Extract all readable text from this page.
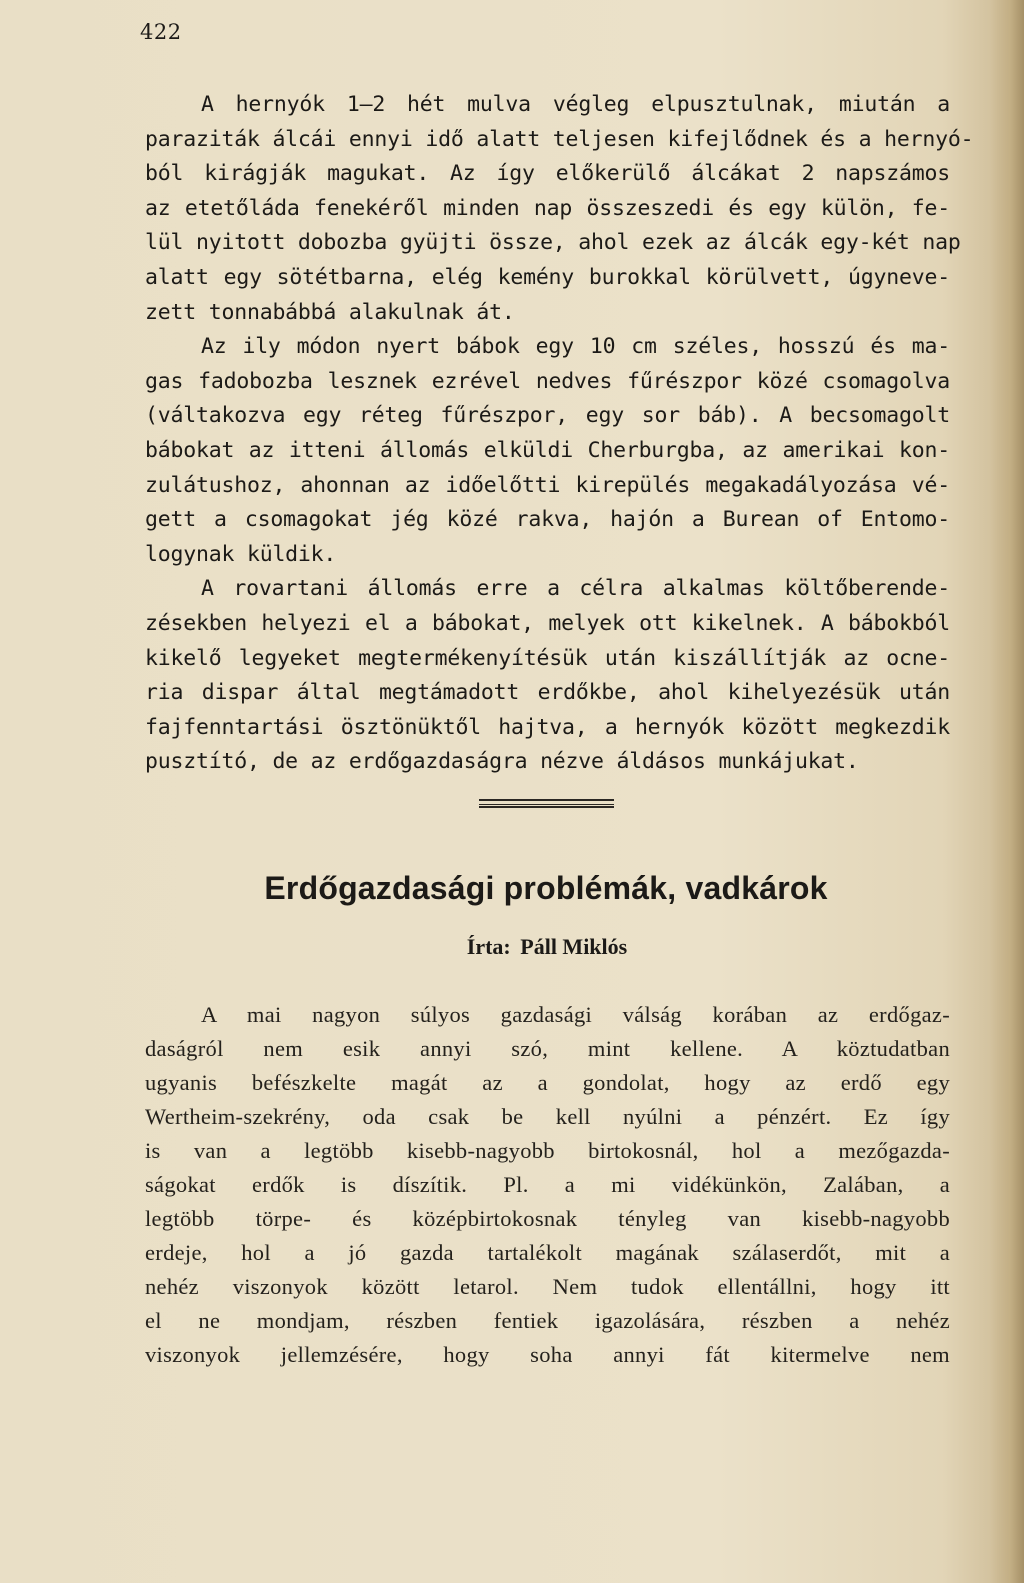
422
A hernyók 1—2 hét mulva végleg elpusztulnak, miután a
paraziták álcái ennyi idő alatt teljesen kifejlődnek és a hernyó-
ból kirágják magukat. Az így előkerülő álcákat 2 napszámos
az etetőláda fenekéről minden nap összeszedi és egy külön, fe-
lül nyitott dobozba gyüjti össze, ahol ezek az álcák egy-két nap
alatt egy sötétbarna, elég kemény burokkal körülvett, úgyneve-
zett tonnabábbá alakulnak át.
Az ily módon nyert bábok egy 10 cm széles, hosszú és ma-
gas fadobozba lesznek ezrével nedves fűrészpor közé csomagolva
(váltakozva egy réteg fűrészpor, egy sor báb). A becsomagolt
bábokat az itteni állomás elküldi Cherburgba, az amerikai kon-
zulátushoz, ahonnan az időelőtti kirepülés megakadályozása vé-
gett a csomagokat jég közé rakva, hajón a Burean of Entomo-
logynak küldik.
A rovartani állomás erre a célra alkalmas költőberende-
zésekben helyezi el a bábokat, melyek ott kikelnek. A bábokból
kikelő legyeket megtermékenyítésük után kiszállítják az ocne-
ria dispar által megtámadott erdőkbe, ahol kihelyezésük után
fajfenntartási ösztönüktől hajtva, a hernyók között megkezdik
pusztító, de az erdőgazdaságra nézve áldásos munkájukat.
Erdőgazdasági problémák, vadkárok
Írta: Páll Miklós
A mai nagyon súlyos gazdasági válság korában az erdőgaz-
daságról nem esik annyi szó, mint kellene. A köztudatban
ugyanis befészkelte magát az a gondolat, hogy az erdő egy
Wertheim-szekrény, oda csak be kell nyúlni a pénzért. Ez így
is van a legtöbb kisebb-nagyobb birtokosnál, hol a mezőgazda-
ságokat erdők is díszítik. Pl. a mi vidékünkön, Zalában, a
legtöbb törpe- és középbirtokosnak tényleg van kisebb-nagyobb
erdeje, hol a jó gazda tartalékolt magának szálaserdőt, mit a
nehéz viszonyok között letarol. Nem tudok ellentállni, hogy itt
el ne mondjam, részben fentiek igazolására, részben a nehéz
viszonyok jellemzésére, hogy soha annyi fát kitermelve nem
